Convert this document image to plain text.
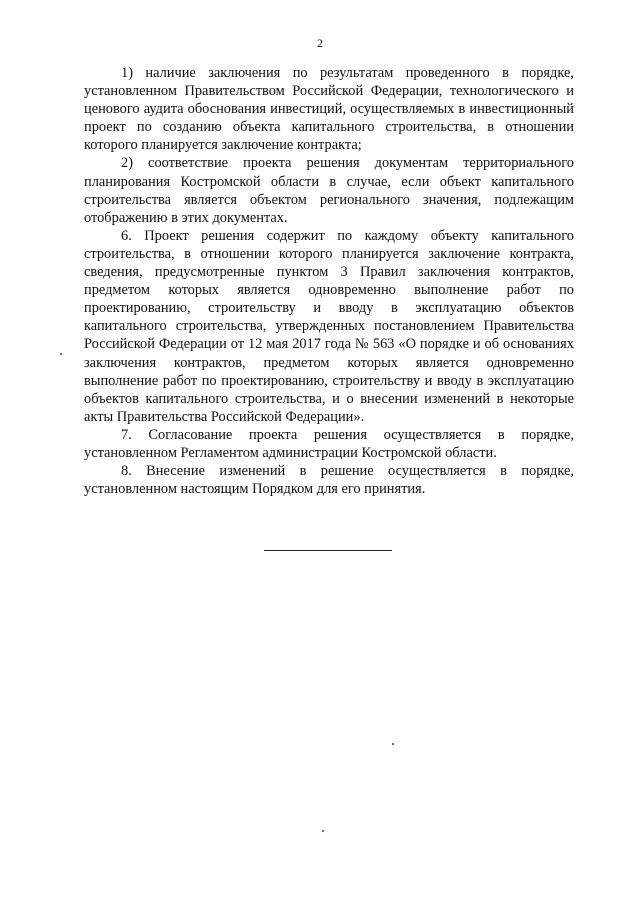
2

1) наличие заключения по результатам проведенного в порядке, установленном Правительством Российской Федерации, технологического и ценового аудита обоснования инвестиций, осуществляемых в инвестиционный проект по созданию объекта капитального строительства, в отношении которого планируется заключение контракта;

2) соответствие проекта решения документам территориального планирования Костромской области в случае, если объект капитального строительства является объектом регионального значения, подлежащим отображению в этих документах.

6. Проект решения содержит по каждому объекту капитального строительства, в отношении которого планируется заключение контракта, сведения, предусмотренные пунктом 3 Правил заключения контрактов, предметом которых является одновременно выполнение работ по проектированию, строительству и вводу в эксплуатацию объектов капитального строительства, утвержденных постановлением Правительства Российской Федерации от 12 мая 2017 года № 563 «О порядке и об основаниях заключения контрактов, предметом которых является одновременно выполнение работ по проектированию, строительству и вводу в эксплуатацию объектов капитального строительства, и о внесении изменений в некоторые акты Правительства Российской Федерации».

7. Согласование проекта решения осуществляется в порядке, установленном Регламентом администрации Костромской области.

8. Внесение изменений в решение осуществляется в порядке, установленном настоящим Порядком для его принятия.
